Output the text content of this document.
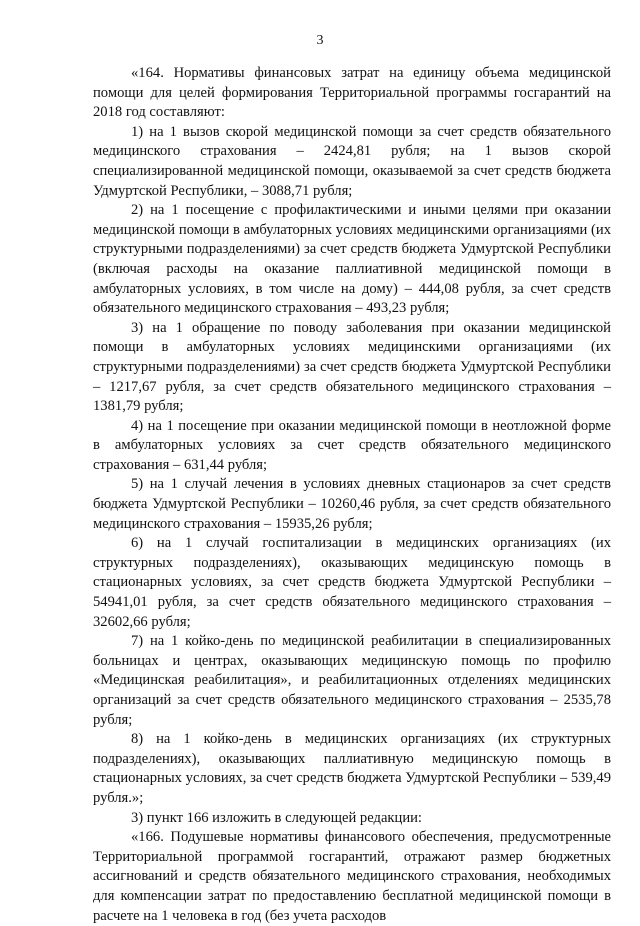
3

«164. Нормативы финансовых затрат на единицу объема медицинской помощи для целей формирования Территориальной программы госгарантий на 2018 год составляют:

1) на 1 вызов скорой медицинской помощи за счет средств обязательного медицинского страхования – 2424,81 рубля; на 1 вызов скорой специализированной медицинской помощи, оказываемой за счет средств бюджета Удмуртской Республики, – 3088,71 рубля;

2) на 1 посещение с профилактическими и иными целями при оказании медицинской помощи в амбулаторных условиях медицинскими организациями (их структурными подразделениями) за счет средств бюджета Удмуртской Республики (включая расходы на оказание паллиативной медицинской помощи в амбулаторных условиях, в том числе на дому) – 444,08 рубля, за счет средств обязательного медицинского страхования – 493,23 рубля;

3) на 1 обращение по поводу заболевания при оказании медицинской помощи в амбулаторных условиях медицинскими организациями (их структурными подразделениями) за счет средств бюджета Удмуртской Республики – 1217,67 рубля, за счет средств обязательного медицинского страхования – 1381,79 рубля;

4) на 1 посещение при оказании медицинской помощи в неотложной форме в амбулаторных условиях за счет средств обязательного медицинского страхования – 631,44 рубля;

5) на 1 случай лечения в условиях дневных стационаров за счет средств бюджета Удмуртской Республики – 10260,46 рубля, за счет средств обязательного медицинского страхования – 15935,26 рубля;

6) на 1 случай госпитализации в медицинских организациях (их структурных подразделениях), оказывающих медицинскую помощь в стационарных условиях, за счет средств бюджета Удмуртской Республики – 54941,01 рубля, за счет средств обязательного медицинского страхования – 32602,66 рубля;

7) на 1 койко-день по медицинской реабилитации в специализированных больницах и центрах, оказывающих медицинскую помощь по профилю «Медицинская реабилитация», и реабилитационных отделениях медицинских организаций за счет средств обязательного медицинского страхования – 2535,78 рубля;

8) на 1 койко-день в медицинских организациях (их структурных подразделениях), оказывающих паллиативную медицинскую помощь в стационарных условиях, за счет средств бюджета Удмуртской Республики – 539,49 рубля.»;

3) пункт 166 изложить в следующей редакции:

«166. Подушевые нормативы финансового обеспечения, предусмотренные Территориальной программой госгарантий, отражают размер бюджетных ассигнований и средств обязательного медицинского страхования, необходимых для компенсации затрат по предоставлению бесплатной медицинской помощи в расчете на 1 человека в год (без учета расходов
